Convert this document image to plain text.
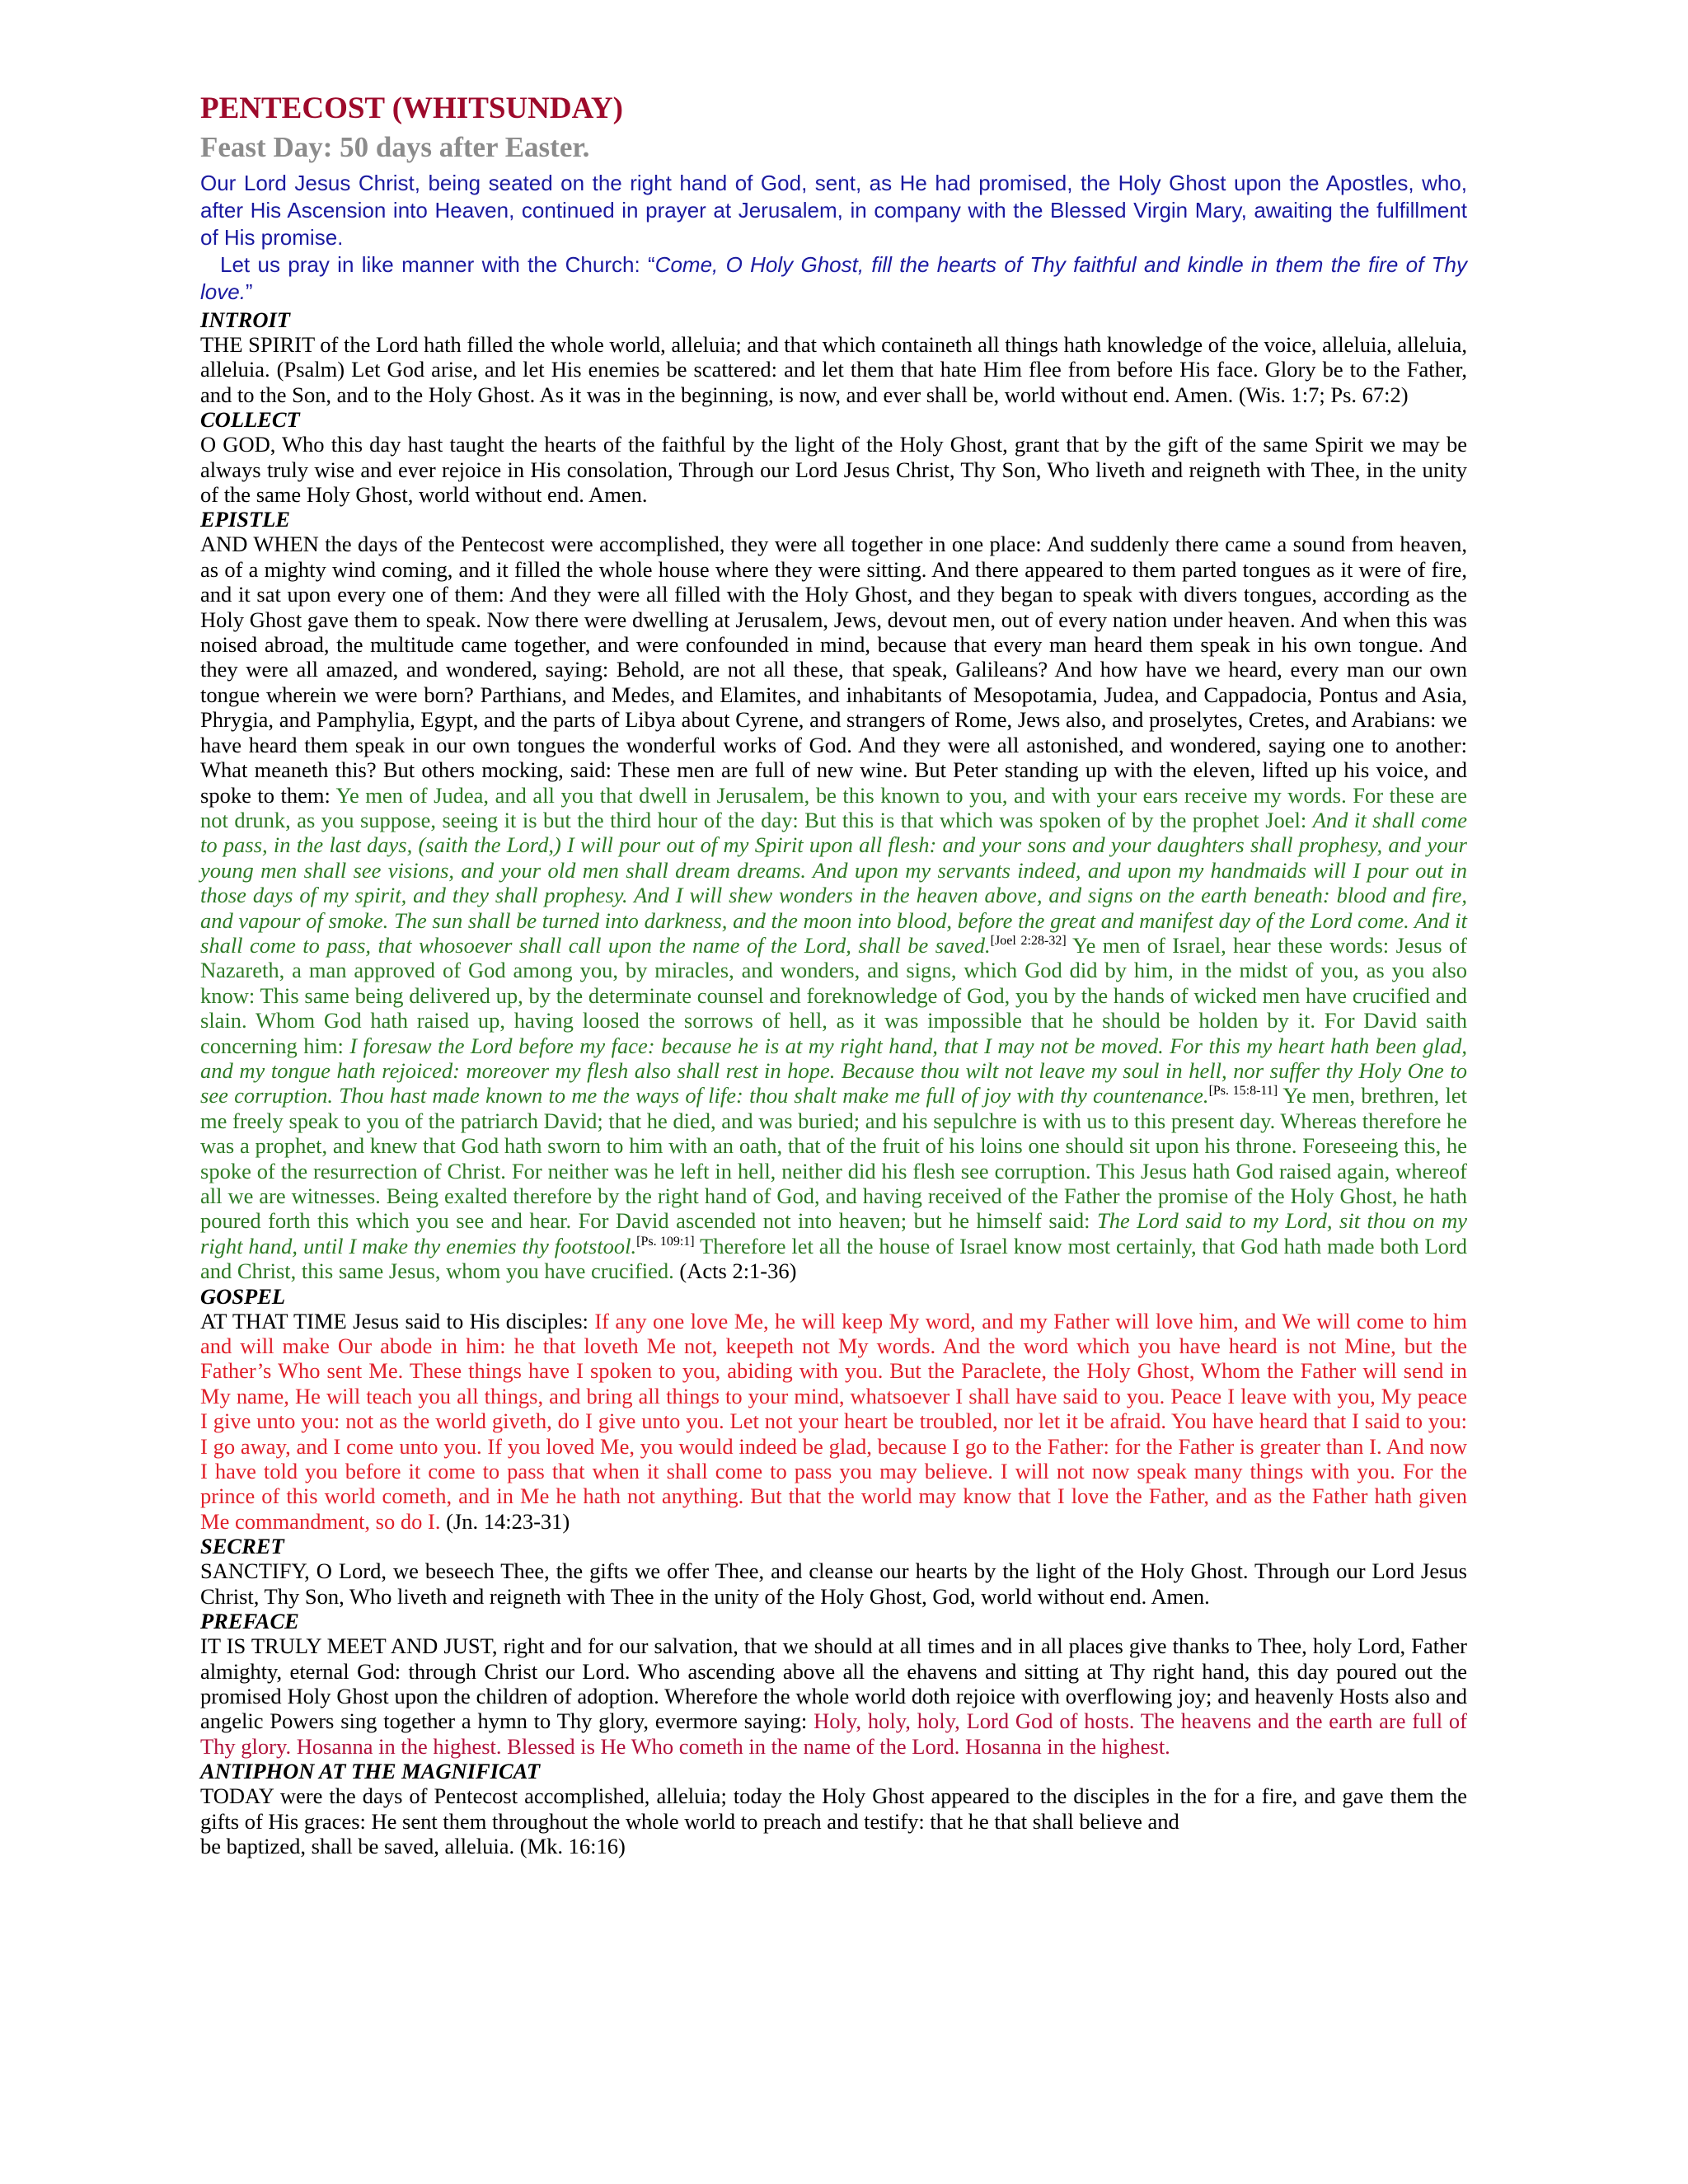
PENTECOST (WHITSUNDAY)
Feast Day: 50 days after Easter.

Our Lord Jesus Christ, being seated on the right hand of God, sent, as He had promised, the Holy Ghost upon the Apostles, who, after His Ascension into Heaven, continued in prayer at Jerusalem, in company with the Blessed Virgin Mary, awaiting the fulfillment of His promise.

Let us pray in like manner with the Church: “Come, O Holy Ghost, fill the hearts of Thy faithful and kindle in them the fire of Thy love.”

INTROIT

THE SPIRIT of the Lord hath filled the whole world, alleluia; and that which containeth all things hath knowledge of the voice, alleluia, alleluia, alleluia. (Psalm) Let God arise, and let His enemies be scattered: and let them that hate Him flee from before His face. Glory be to the Father, and to the Son, and to the Holy Ghost. As it was in the beginning, is now, and ever shall be, world without end. Amen. (Wis. 1:7; Ps. 67:2)

COLLECT

O GOD, Who this day hast taught the hearts of the faithful by the light of the Holy Ghost, grant that by the gift of the same Spirit we may be always truly wise and ever rejoice in His consolation, Through our Lord Jesus Christ, Thy Son, Who liveth and reigneth with Thee, in the unity of the same Holy Ghost, world without end. Amen.

EPISTLE

AND WHEN the days of the Pentecost were accomplished, they were all together in one place: And suddenly there came a sound from heaven, as of a mighty wind coming, and it filled the whole house where they were sitting. And there appeared to them parted tongues as it were of fire, and it sat upon every one of them: And they were all filled with the Holy Ghost, and they began to speak with divers tongues, according as the Holy Ghost gave them to speak. Now there were dwelling at Jerusalem, Jews, devout men, out of every nation under heaven. And when this was noised abroad, the multitude came together, and were confounded in mind, because that every man heard them speak in his own tongue. And they were all amazed, and wondered, saying: Behold, are not all these, that speak, Galileans? And how have we heard, every man our own tongue wherein we were born? Parthians, and Medes, and Elamites, and inhabitants of Mesopotamia, Judea, and Cappadocia, Pontus and Asia, Phrygia, and Pamphylia, Egypt, and the parts of Libya about Cyrene, and strangers of Rome, Jews also, and proselytes, Cretes, and Arabians: we have heard them speak in our own tongues the wonderful works of God. And they were all astonished, and wondered, saying one to another: What meaneth this? But others mocking, said: These men are full of new wine. But Peter standing up with the eleven, lifted up his voice, and spoke to them: Ye men of Judea, and all you that dwell in Jerusalem, be this known to you, and with your ears receive my words. For these are not drunk, as you suppose, seeing it is but the third hour of the day: But this is that which was spoken of by the prophet Joel: And it shall come to pass, in the last days, (saith the Lord,) I will pour out of my Spirit upon all flesh: and your sons and your daughters shall prophesy, and your young men shall see visions, and your old men shall dream dreams. And upon my servants indeed, and upon my handmaids will I pour out in those days of my spirit, and they shall prophesy. And I will shew wonders in the heaven above, and signs on the earth beneath: blood and fire, and vapour of smoke. The sun shall be turned into darkness, and the moon into blood, before the great and manifest day of the Lord come. And it shall come to pass, that whosoever shall call upon the name of the Lord, shall be saved.[Joel 2:28-32] Ye men of Israel, hear these words: Jesus of Nazareth, a man approved of God among you, by miracles, and wonders, and signs, which God did by him, in the midst of you, as you also know: This same being delivered up, by the determinate counsel and foreknowledge of God, you by the hands of wicked men have crucified and slain. Whom God hath raised up, having loosed the sorrows of hell, as it was impossible that he should be holden by it. For David saith concerning him: I foresaw the Lord before my face: because he is at my right hand, that I may not be moved. For this my heart hath been glad, and my tongue hath rejoiced: moreover my flesh also shall rest in hope. Because thou wilt not leave my soul in hell, nor suffer thy Holy One to see corruption. Thou hast made known to me the ways of life: thou shalt make me full of joy with thy countenance.[Ps. 15:8-11] Ye men, brethren, let me freely speak to you of the patriarch David; that he died, and was buried; and his sepulchre is with us to this present day. Whereas therefore he was a prophet, and knew that God hath sworn to him with an oath, that of the fruit of his loins one should sit upon his throne. Foreseeing this, he spoke of the resurrection of Christ. For neither was he left in hell, neither did his flesh see corruption. This Jesus hath God raised again, whereof all we are witnesses. Being exalted therefore by the right hand of God, and having received of the Father the promise of the Holy Ghost, he hath poured forth this which you see and hear. For David ascended not into heaven; but he himself said: The Lord said to my Lord, sit thou on my right hand, until I make thy enemies thy footstool.[Ps. 109:1] Therefore let all the house of Israel know most certainly, that God hath made both Lord and Christ, this same Jesus, whom you have crucified. (Acts 2:1-36)

GOSPEL

AT THAT TIME Jesus said to His disciples: If any one love Me, he will keep My word, and my Father will love him, and We will come to him and will make Our abode in him: he that loveth Me not, keepeth not My words. And the word which you have heard is not Mine, but the Father’s Who sent Me. These things have I spoken to you, abiding with you. But the Paraclete, the Holy Ghost, Whom the Father will send in My name, He will teach you all things, and bring all things to your mind, whatsoever I shall have said to you. Peace I leave with you, My peace I give unto you: not as the world giveth, do I give unto you. Let not your heart be troubled, nor let it be afraid. You have heard that I said to you: I go away, and I come unto you. If you loved Me, you would indeed be glad, because I go to the Father: for the Father is greater than I. And now I have told you before it come to pass that when it shall come to pass you may believe. I will not now speak many things with you. For the prince of this world cometh, and in Me he hath not anything. But that the world may know that I love the Father, and as the Father hath given Me commandment, so do I. (Jn. 14:23-31)

SECRET

SANCTIFY, O Lord, we beseech Thee, the gifts we offer Thee, and cleanse our hearts by the light of the Holy Ghost. Through our Lord Jesus Christ, Thy Son, Who liveth and reigneth with Thee in the unity of the Holy Ghost, God, world without end. Amen.

PREFACE

IT IS TRULY MEET AND JUST, right and for our salvation, that we should at all times and in all places give thanks to Thee, holy Lord, Father almighty, eternal God: through Christ our Lord. Who ascending above all the ehavens and sitting at Thy right hand, this day poured out the promised Holy Ghost upon the children of adoption. Wherefore the whole world doth rejoice with overflowing joy; and heavenly Hosts also and angelic Powers sing together a hymn to Thy glory, evermore saying: Holy, holy, holy, Lord God of hosts. The heavens and the earth are full of Thy glory. Hosanna in the highest. Blessed is He Who cometh in the name of the Lord. Hosanna in the highest.

ANTIPHON AT THE MAGNIFICAT

TODAY were the days of Pentecost accomplished, alleluia; today the Holy Ghost appeared to the disciples in the for a fire, and gave them the gifts of His graces: He sent them throughout the whole world to preach and testify: that he that shall believe and

be baptized, shall be saved, alleluia. (Mk. 16:16)
